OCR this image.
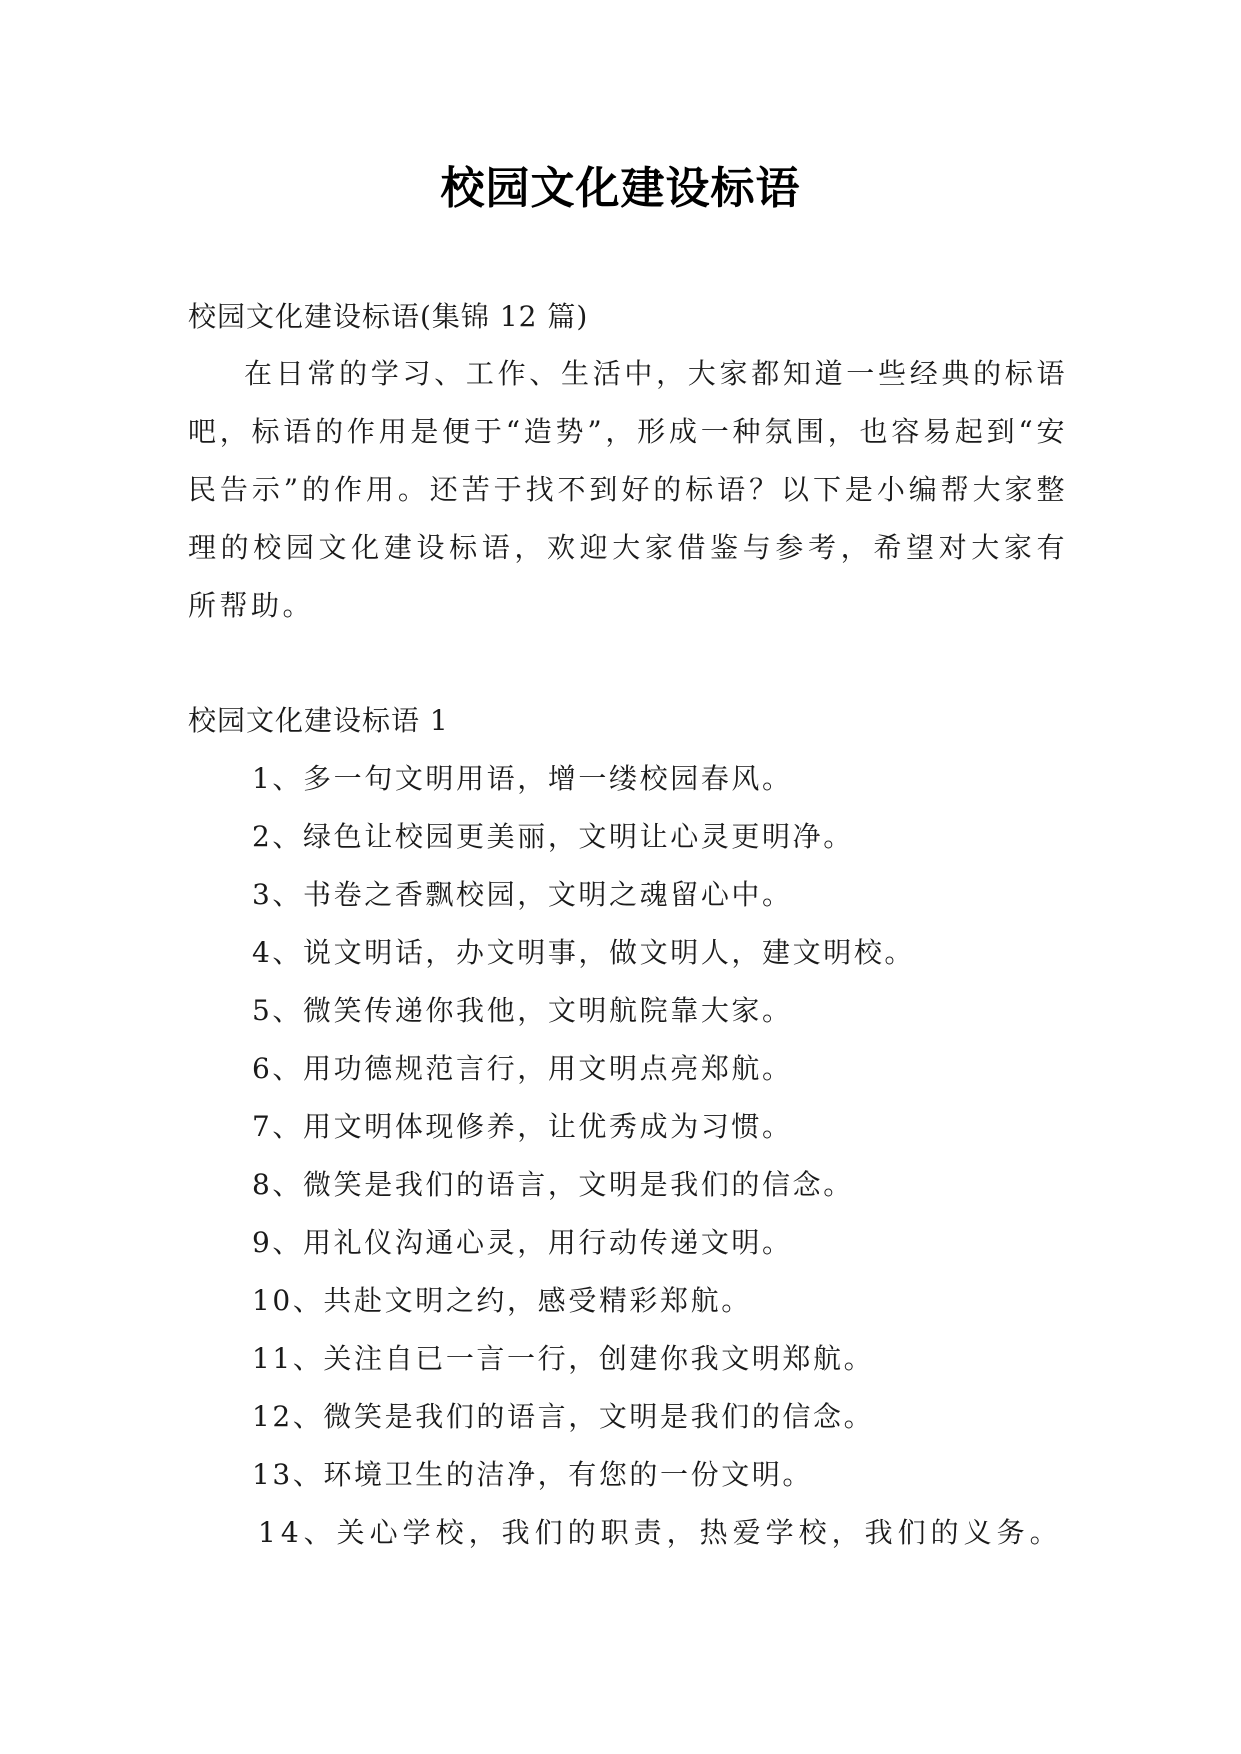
校园文化建设标语

校园文化建设标语(集锦 12 篇)

在日常的学习、工作、生活中，大家都知道一些经典的标语吧，标语的作用是便于“造势”，形成一种氛围，也容易起到“安民告示”的作用。还苦于找不到好的标语？以下是小编帮大家整理的校园文化建设标语，欢迎大家借鉴与参考，希望对大家有所帮助。

校园文化建设标语 1

1、多一句文明用语，增一缕校园春风。
2、绿色让校园更美丽，文明让心灵更明净。
3、书卷之香飘校园，文明之魂留心中。
4、说文明话，办文明事，做文明人，建文明校。
5、微笑传递你我他，文明航院靠大家。
6、用功德规范言行，用文明点亮郑航。
7、用文明体现修养，让优秀成为习惯。
8、微笑是我们的语言，文明是我们的信念。
9、用礼仪沟通心灵，用行动传递文明。
10、共赴文明之约，感受精彩郑航。
11、关注自已一言一行，创建你我文明郑航。
12、微笑是我们的语言，文明是我们的信念。
13、环境卫生的洁净，有您的一份文明。
14、关心学校，我们的职责，热爱学校，我们的义务。
